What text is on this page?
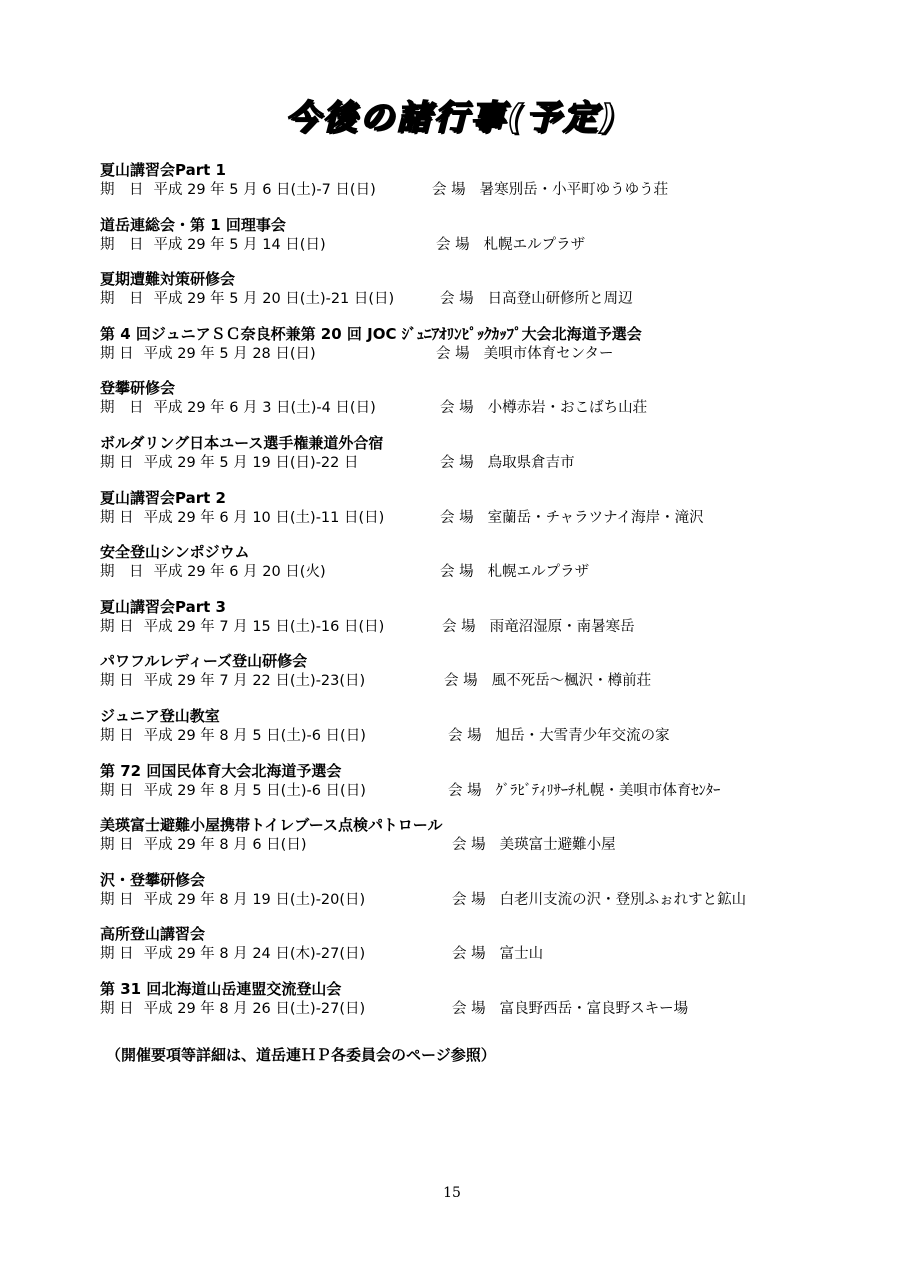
今後の諸行事(予定)
夏山講習会Part 1
期　日 平成 29 年 5 月 6 日(土)-7 日(日)	会 場 暑寒別岳・小平町ゆうゆう荘
道岳連総会・第 1 回理事会
期　日 平成 29 年 5 月 14 日(日)	会 場 札幌エルプラザ
夏期遭難対策研修会
期　日 平成 29 年 5 月 20 日(土)-21 日(日)	会 場 日高登山研修所と周辺
第 4 回ジュニアＳＣ奈良杯兼第 20 回 JOC ｼﾞｭﾆｱｵﾘﾝﾋﾟｯｸｶｯﾌﾟ大会北海道予選会
期 日 平成 29 年 5 月 28 日(日)	会 場 美唄市体育センター
登攀研修会
期　日 平成 29 年 6 月 3 日(土)-4 日(日)	会 場 小樽赤岩・おこばち山荘
ボルダリング日本ユース選手権兼道外合宿
期 日 平成 29 年 5 月 19 日(日)-22 日	会 場 鳥取県倉吉市
夏山講習会Part 2
期 日 平成 29 年 6 月 10 日(土)-11 日(日)	会 場 室蘭岳・チャラツナイ海岸・滝沢
安全登山シンポジウム
期　日 平成 29 年 6 月 20 日(火)	会 場 札幌エルプラザ
夏山講習会Part 3
期 日 平成 29 年 7 月 15 日(土)-16 日(日)	会 場 雨竜沼湿原・南暑寒岳
パワフルレディーズ登山研修会
期 日 平成 29 年 7 月 22 日(土)-23(日)	会 場 風不死岳～楓沢・樽前荘
ジュニア登山教室
期 日 平成 29 年 8 月 5 日(土)-6 日(日)	会 場 旭岳・大雪青少年交流の家
第 72 回国民体育大会北海道予選会
期 日 平成 29 年 8 月 5 日(土)-6 日(日)	会 場 ｸﾞﾗﾋﾞﾃｨﾘｻｰﾁ札幌・美唄市体育ｾﾝﾀｰ
美瑛富士避難小屋携帯トイレブース点検パトロール
期 日 平成 29 年 8 月 6 日(日)	会 場 美瑛富士避難小屋
沢・登攀研修会
期 日 平成 29 年 8 月 19 日(土)-20(日)	会 場 白老川支流の沢・登別ふぉれすと鉱山
高所登山講習会
期 日 平成 29 年 8 月 24 日(木)-27(日)	会 場 富士山
第 31 回北海道山岳連盟交流登山会
期 日 平成 29 年 8 月 26 日(土)-27(日)	会 場 富良野西岳・富良野スキー場
（開催要項等詳細は、道岳連ＨＰ各委員会のページ参照）
15
